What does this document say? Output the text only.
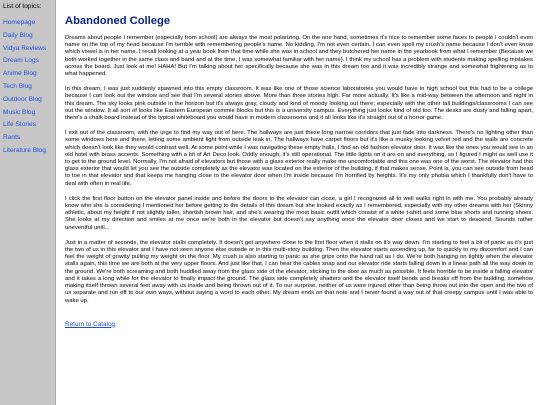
List of topics:
Homepage
Daily Blog
Vidya Reviews
Dream Logs
Anime Blog
Tech Blog
Outdoor Blog
Music Blog
Life Stories
Rants
Literature Blog
Abandoned College

Dreams about people I remember (especially from school) are always the most polarizing. On the one hand, sometimes it's nice to remember some faces to people I couldn't even name on the top of my head because I'm terrible with remembering people's name. No kidding, I'm not even certain, I can even spell my crush's name because I don't even know which vowel is in her name. I recall looking at a year book from that time while she was in school and they butchered her name in the yearbook from what I remember (Because we both worked together in the same class and band and at the time, I was somewhat familiar with her name). I think my school has a problem with students making spelling mistakes across the board. Just look at me! HAHA! But I'm talking about her specifically because she was in this dream too and it was incredibly strange and somewhat frightening as to what happened.

In this dream, I was just suddenly spawned into this empty classroom. It was like one of those science laboratories you would have in high school but this had to be a college because I can look out the window and see that I'm several stories above. More than three stories high. Far more actually. It's like a mid-way between the afternoon and night in this dream. The sky looks pink outside in the horizon but it's always gray, cloudy and kind of moody looking out there; especially with the other tall buildings/classrooms I can see out the window. It all sort of looks like Eastern European commie blocks but this is a university campus. Everything just looks kind of old too. The desks are dusty and falling apart, there's a chalk board instead of the typical whiteboard you would have in modern classrooms and it all looks like it's straight out of a horror game.

I exit out of the classroom, with the urge to find my way out of here. The hallways are just these long narrow corridors that just fade into darkness. There's no lighting other than some windows here and there, letting some ambient light from outside leak in. The hallways have carpet floors but it's like a musky looking velvet red and the walls are concrete which doesn't look like they would contrast well. At some point while I was navigating these empty halls, I find an old fashion elevator door. It was like the ones you would see in an old hotel with brass accents. Something with a bit of Art Deco look. Oddly enough, it's still operational. The little lights on it are on and everything, so I figured I might as well use it to get to the ground level. Normally, I'm not afraid of elevators but those with a glass exterior really make me uncomfortable and this one was one of the worst. The elevator had this glass exterior that would let you see the outside completely as the elevator was located on the exterior of the building, if that makes sense. Point is, you can see outside from head to toe in that elevator and that keeps me hanging close to the elevator door when I'm inside because I'm horrified by heights. It's my only phobia which I thankfully don't have to deal with often in real life.

I click the first floor button on the elevator panel inside and before the doors to the elevator can close, a girl I recognized all to well walks right in with me. You probably already know who she is considering I mentioned her before getting to the details of this dream but she looked exactly as I remembered, especially with my other dreams with her (Skinny athletic, about my height if not slightly taller, shortish brown hair, and she's wearing the most basic outfit which consist of a white t-shirt and some blue shorts and running shoes. She looks at my direction and smiles at me once we're both in the elevator but doesn't say anything once the elevator door closes and we start to descend. Sounds rather uneventful until...

Just in a matter of seconds, the elevator stalls completely. It doesn't get anywhere close to the first floor when it stalls on it's way down. I'm starting to feel a bit of panic as it's just the two of us in this elevator and I have not seen anyone else outside or in this multi-story building. Then the elevator starts ascending up, far to quickly to my discomfort and I can feel the weight of gravity pulling my weight on the floor. My crush is also starting to panic as she grips onto the hand rail as I do. We're both hanging on tightly when the elevator stalls again, this time we are both at the very upper floors. And just like that, I can hear the cables snap and our elevator ride starts falling down in a linear path all the way down to the ground. We're both screaming and both huddled away from the glass side of the elevator, sticking to the door as much as possible. It feels horrible to be inside a falling elevator and it takes a long while for the elevator to finally impact the ground. The glass side completely shatters and the elevator itself bends and breaks off from the building, somehow making itself thrown several feet away with us inside and being thrown out of it. To our surprise, neither of us were injured other than being throw out into the open and the two of us separate and run off to our own ways, without saying a word to each other. My dream ends on that note and I never found a way out of that creepy campus until I was able to wake up.

Return to Catalog
